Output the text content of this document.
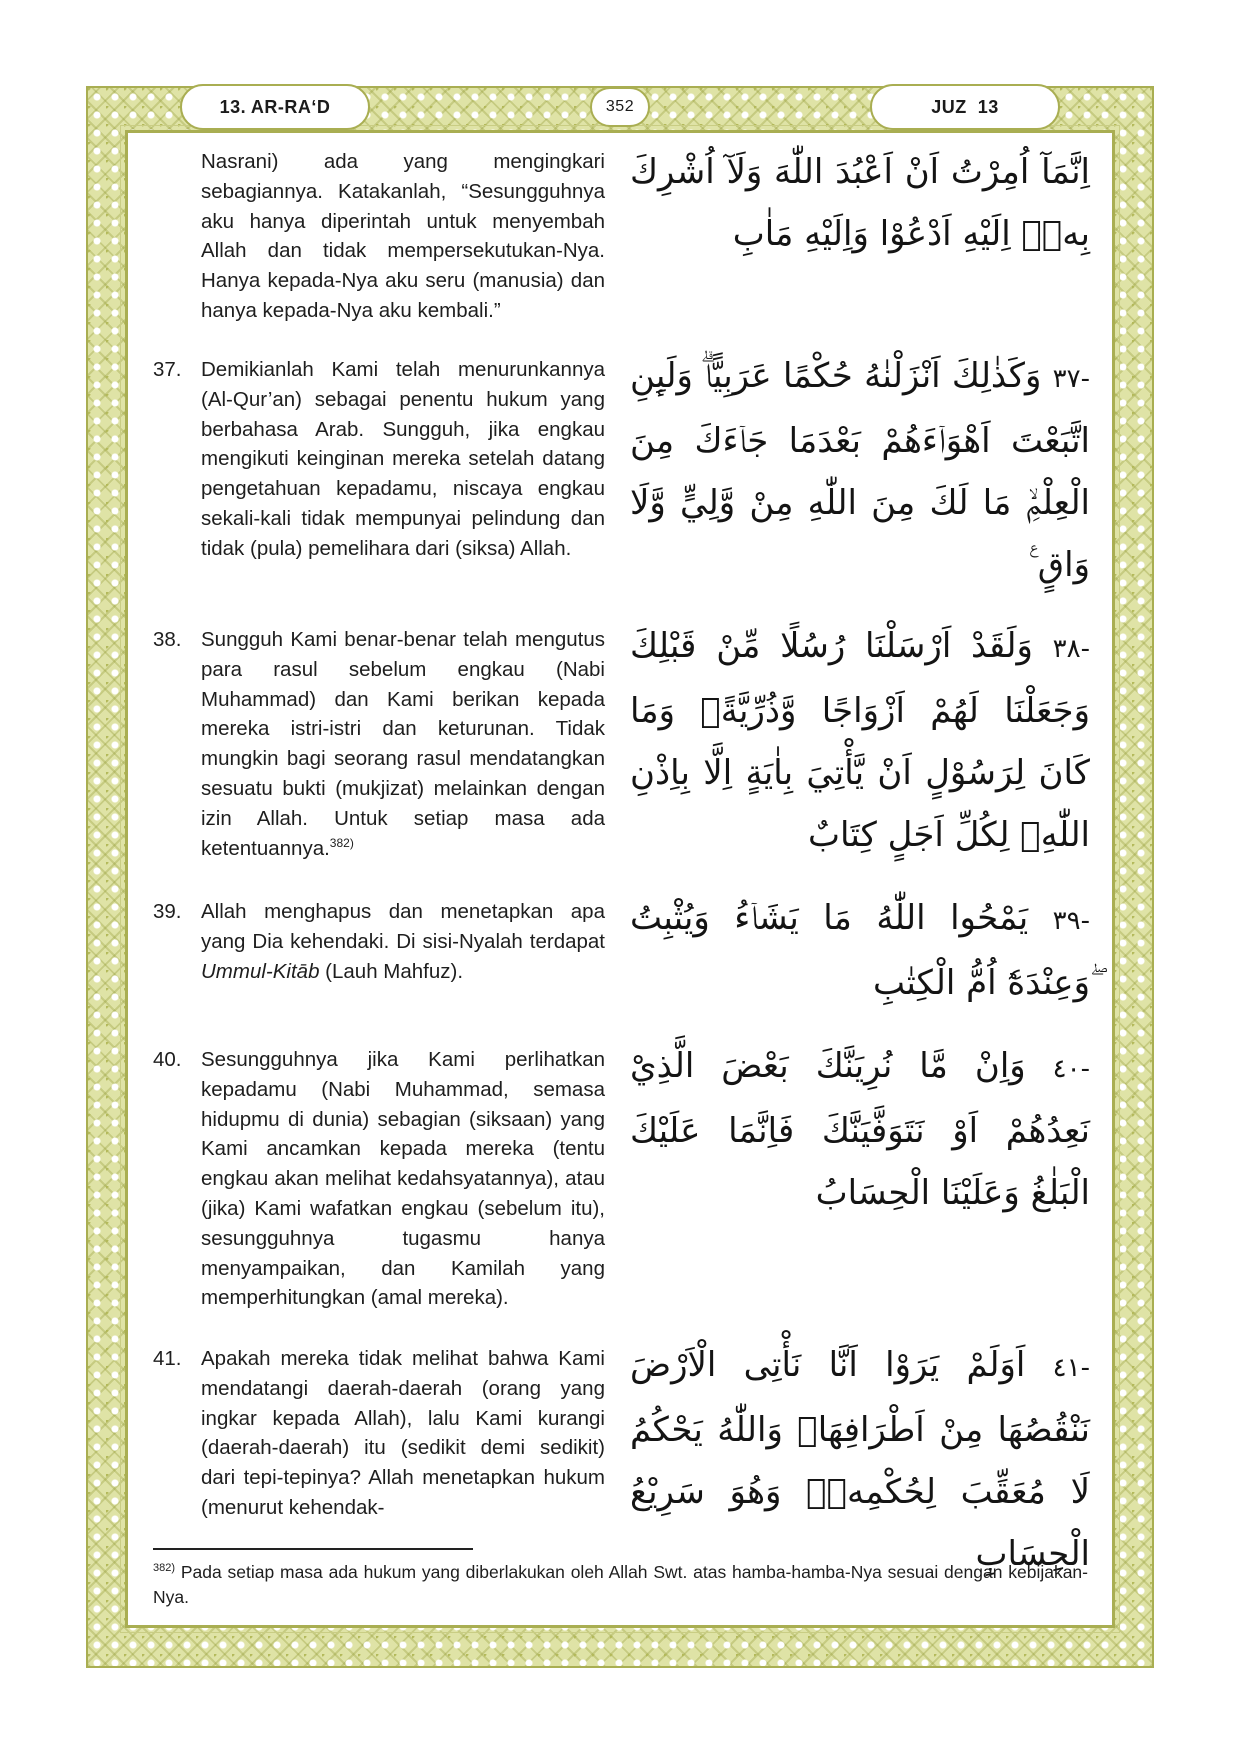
13. AR-RA‘D	352	JUZ  13
Nasrani) ada yang mengingkari sebagiannya. Katakanlah, “Sesungguhnya aku hanya diperintah untuk menyembah Allah dan tidak mempersekutukan-Nya. Hanya kepada-Nya aku seru (manusia) dan hanya kepada-Nya aku kembali.”
اِنَّمَآ اُمِرْتُ اَنْ اَعْبُدَ اللّٰهَ وَلَآ اُشْرِكَ بِهٖۗ اِلَيْهِ اَدْعُوْا وَاِلَيْهِ مَاٰبِ
37. Demikianlah Kami telah menurunkannya (Al-Qur’an) sebagai penentu hukum yang berbahasa Arab. Sungguh, jika engkau mengikuti keinginan mereka setelah datang pengetahuan kepadamu, niscaya engkau sekali-kali tidak mempunyai pelindung dan tidak (pula) pemelihara dari (siksa) Allah.
-٣٧ وَكَذٰلِكَ اَنْزَلْنٰهُ حُكْمًا عَرَبِيًّاۗ وَلَىِٕنِ اتَّبَعْتَ اَهْوَاۤءَهُمْ بَعْدَمَا جَاۤءَكَ مِنَ الْعِلْمِۙ مَا لَكَ مِنَ اللّٰهِ مِنْ وَّلِيٍّ وَّلَا وَاقٍ ࣖ
38. Sungguh Kami benar-benar telah mengutus para rasul sebelum engkau (Nabi Muhammad) dan Kami berikan kepada mereka istri-istri dan keturunan. Tidak mungkin bagi seorang rasul mendatangkan sesuatu bukti (mukjizat) melainkan dengan izin Allah. Untuk setiap masa ada ketentuannya.$^{382)}$
-٣٨ وَلَقَدْ اَرْسَلْنَا رُسُلًا مِّنْ قَبْلِكَ وَجَعَلْنَا لَهُمْ اَزْوَاجًا وَّذُرِّيَّةًۗ وَمَا كَانَ لِرَسُوْلٍ اَنْ يَّأْتِيَ بِاٰيَةٍ اِلَّا بِاِذْنِ اللّٰهِۗ لِكُلِّ اَجَلٍ كِتَابٌ
39. Allah menghapus dan menetapkan apa yang Dia kehendaki. Di sisi-Nyalah terdapat Ummul-Kitāb (Lauh Mahfuz).
-٣٩ يَمْحُوا اللّٰهُ مَا يَشَاۤءُ وَيُثْبِتُ ۖوَعِنْدَهٗٓ اُمُّ الْكِتٰبِ
40. Sesungguhnya jika Kami perlihatkan kepadamu (Nabi Muhammad, semasa hidupmu di dunia) sebagian (siksaan) yang Kami ancamkan kepada mereka (tentu engkau akan melihat kedahsyatannya), atau (jika) Kami wafatkan engkau (sebelum itu), sesungguhnya tugasmu hanya menyampaikan, dan Kamilah yang memperhitungkan (amal mereka).
-٤٠ وَاِنْ مَّا نُرِيَنَّكَ بَعْضَ الَّذِيْ نَعِدُهُمْ اَوْ نَتَوَفَّيَنَّكَ فَاِنَّمَا عَلَيْكَ الْبَلٰغُ وَعَلَيْنَا الْحِسَابُ
41. Apakah mereka tidak melihat bahwa Kami mendatangi daerah-daerah (orang yang ingkar kepada Allah), lalu Kami kurangi (daerah-daerah) itu (sedikit demi sedikit) dari tepi-tepinya? Allah menetapkan hukum (menurut kehendak-
-٤١ اَوَلَمْ يَرَوْا اَنَّا نَأْتِى الْاَرْضَ نَنْقُصُهَا مِنْ اَطْرَافِهَاۗ وَاللّٰهُ يَحْكُمُ لَا مُعَقِّبَ لِحُكْمِهٖۗ وَهُوَ سَرِيْعُ الْحِسَابِ
$^{382)}$ Pada setiap masa ada hukum yang diberlakukan oleh Allah Swt. atas hamba-hamba-Nya sesuai dengan kebijakan-Nya.
